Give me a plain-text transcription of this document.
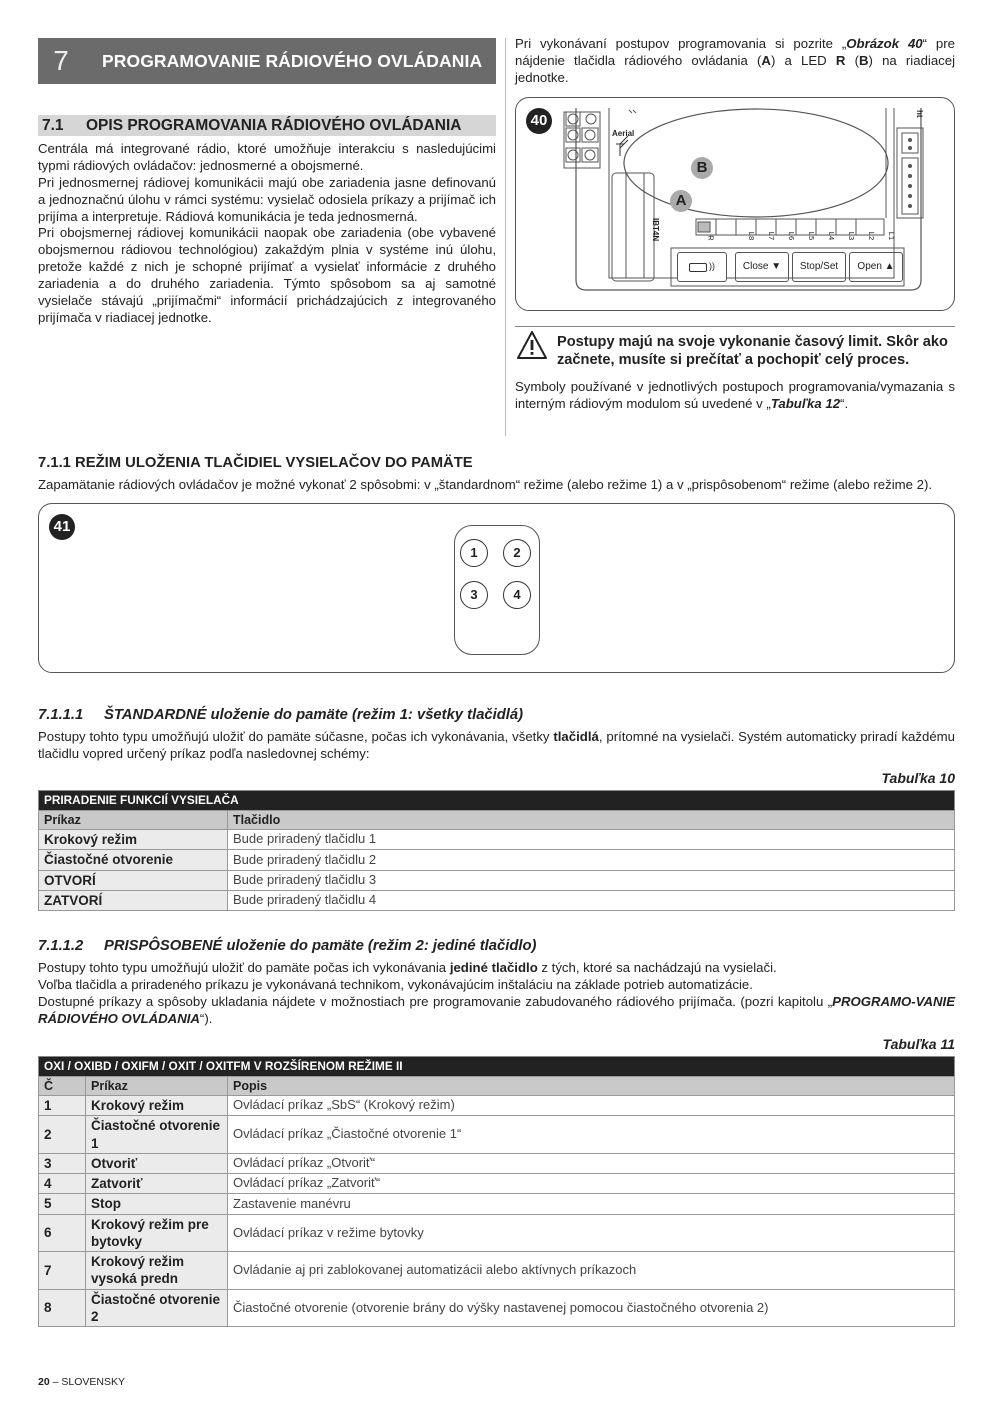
7	PROGRAMOVANIE RÁDIOVÉHO OVLÁDANIA
7.1	OPIS PROGRAMOVANIA RÁDIOVÉHO OVLÁDANIA

Centrála má integrované rádio, ktoré umožňuje interakciu s nasledujúcimi typmi rádiových ovládačov: jednosmerné a obojsmerné.

Pri jednosmernej rádiovej komunikácii majú obe zariadenia jasne definovanú a jednoznačnú úlohu v rámci systému: vysielač odosiela príkazy a prijímač ich prijíma a interpretuje. Rádiová komunikácia je teda jednosmerná.

Pri obojsmernej rádiovej komunikácii naopak obe zariadenia (obe vybavené obojsmernou rádiovou technológiou) zakaždým plnia v systéme inú úlohu, pretože každé z nich je schopné prijímať a vysielať informácie z druhého zariadenia a do druhého zariadenia. Týmto spôsobom sa aj samotné vysielače stávajú „prijímačmi“ informácií prichádzajúcich z integrovaného prijímača v riadiacej jednotke.

Pri vykonávaní postupov programovania si pozrite „Obrázok 40“ pre nájdenie tlačidla rádiového ovládania (A) a LED R (B) na riadiacej jednotke.
40
Aerial
IBT4N
ht
A
B
R	L8 L7 L6 L5 L4 L3 L2 L1
))	Close ▼	Stop/Set	Open ▲
Postupy majú na svoje vykonanie časový limit. Skôr ako začnete, musíte si prečítať a pochopiť celý proces.
Symboly používané v jednotlivých postupoch programovania/vymazania s interným rádiovým modulom sú uvedené v „Tabuľka 12“.
7.1.1 REŽIM ULOŽENIA TLAČIDIEL VYSIELAČOV DO PAMÄTE
Zapamätanie rádiových ovládačov je možné vykonať 2 spôsobmi: v „štandardnom“ režime (alebo režime 1) a v „prispôsobenom“ režime (alebo režime 2).
41
1	2
3	4
7.1.1.1 ŠTANDARDNÉ uloženie do pamäte (režim 1: všetky tlačidlá)
Postupy tohto typu umožňujú uložiť do pamäte súčasne, počas ich vykonávania, všetky tlačidlá, prítomné na vysielači. Systém automaticky priradí každému tlačidlu vopred určený príkaz podľa nasledovnej schémy:
Tabuľka 10
PRIRADENIE FUNKCIÍ VYSIELAČA	
Príkaz	Tlačidlo
Krokový režim	Bude priradený tlačidlu 1
Čiastočné otvorenie	Bude priradený tlačidlu 2
OTVORÍ	Bude priradený tlačidlu 3
ZATVORÍ	Bude priradený tlačidlu 4
7.1.1.2 PRISPÔSOBENÉ uloženie do pamäte (režim 2: jediné tlačidlo)
Postupy tohto typu umožňujú uložiť do pamäte počas ich vykonávania jediné tlačidlo z tých, ktoré sa nachádzajú na vysielači.
Voľba tlačidla a priradeného príkazu je vykonávaná technikom, vykonávajúcim inštaláciu na základe potrieb automatizácie.
Dostupné príkazy a spôsoby ukladania nájdete v možnostiach pre programovanie zabudovaného rádiového prijímača. (pozri kapitolu „PROGRAMO-VANIE RÁDIOVÉHO OVLÁDANIA“).
Tabuľka 11
OXI / OXIBD / OXIFM / OXIT / OXITFM V ROZŠÍRENOM REŽIME II		
Č	Príkaz	Popis
1	Krokový režim	Ovládací príkaz „SbS“ (Krokový režim)
2	Čiastočné otvorenie 1	Ovládací príkaz „Čiastočné otvorenie 1“
3	Otvoriť	Ovládací príkaz „Otvoriť“
4	Zatvoriť	Ovládací príkaz „Zatvoriť“
5	Stop	Zastavenie manévru
6	Krokový režim pre bytovky	Ovládací príkaz v režime bytovky
7	Krokový režim vysoká predn	Ovládanie aj pri zablokovanej automatizácii alebo aktívnych príkazoch
8	Čiastočné otvorenie 2	Čiastočné otvorenie (otvorenie brány do výšky nastavenej pomocou čiastočného otvorenia 2)
20 – SLOVENSKY
